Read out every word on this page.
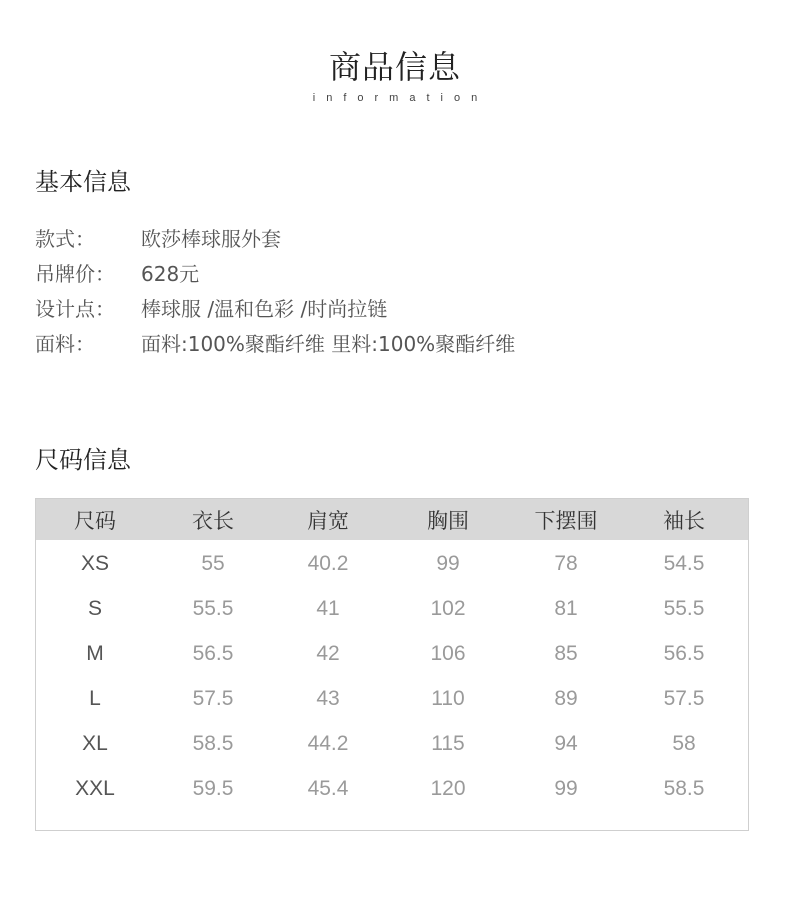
商品信息
information
基本信息
款式：	欧莎棒球服外套
吊牌价：	628元
设计点：	棒球服 /温和色彩 /时尚拉链
面料：	面料:100%聚酯纤维 里料:100%聚酯纤维
尺码信息
尺码	衣长	肩宽	胸围	下摆围	袖长
XS	55	40.2	99	78	54.5
S	55.5	41	102	81	55.5
M	56.5	42	106	85	56.5
L	57.5	43	110	89	57.5
XL	58.5	44.2	115	94	58
XXL	59.5	45.4	120	99	58.5
